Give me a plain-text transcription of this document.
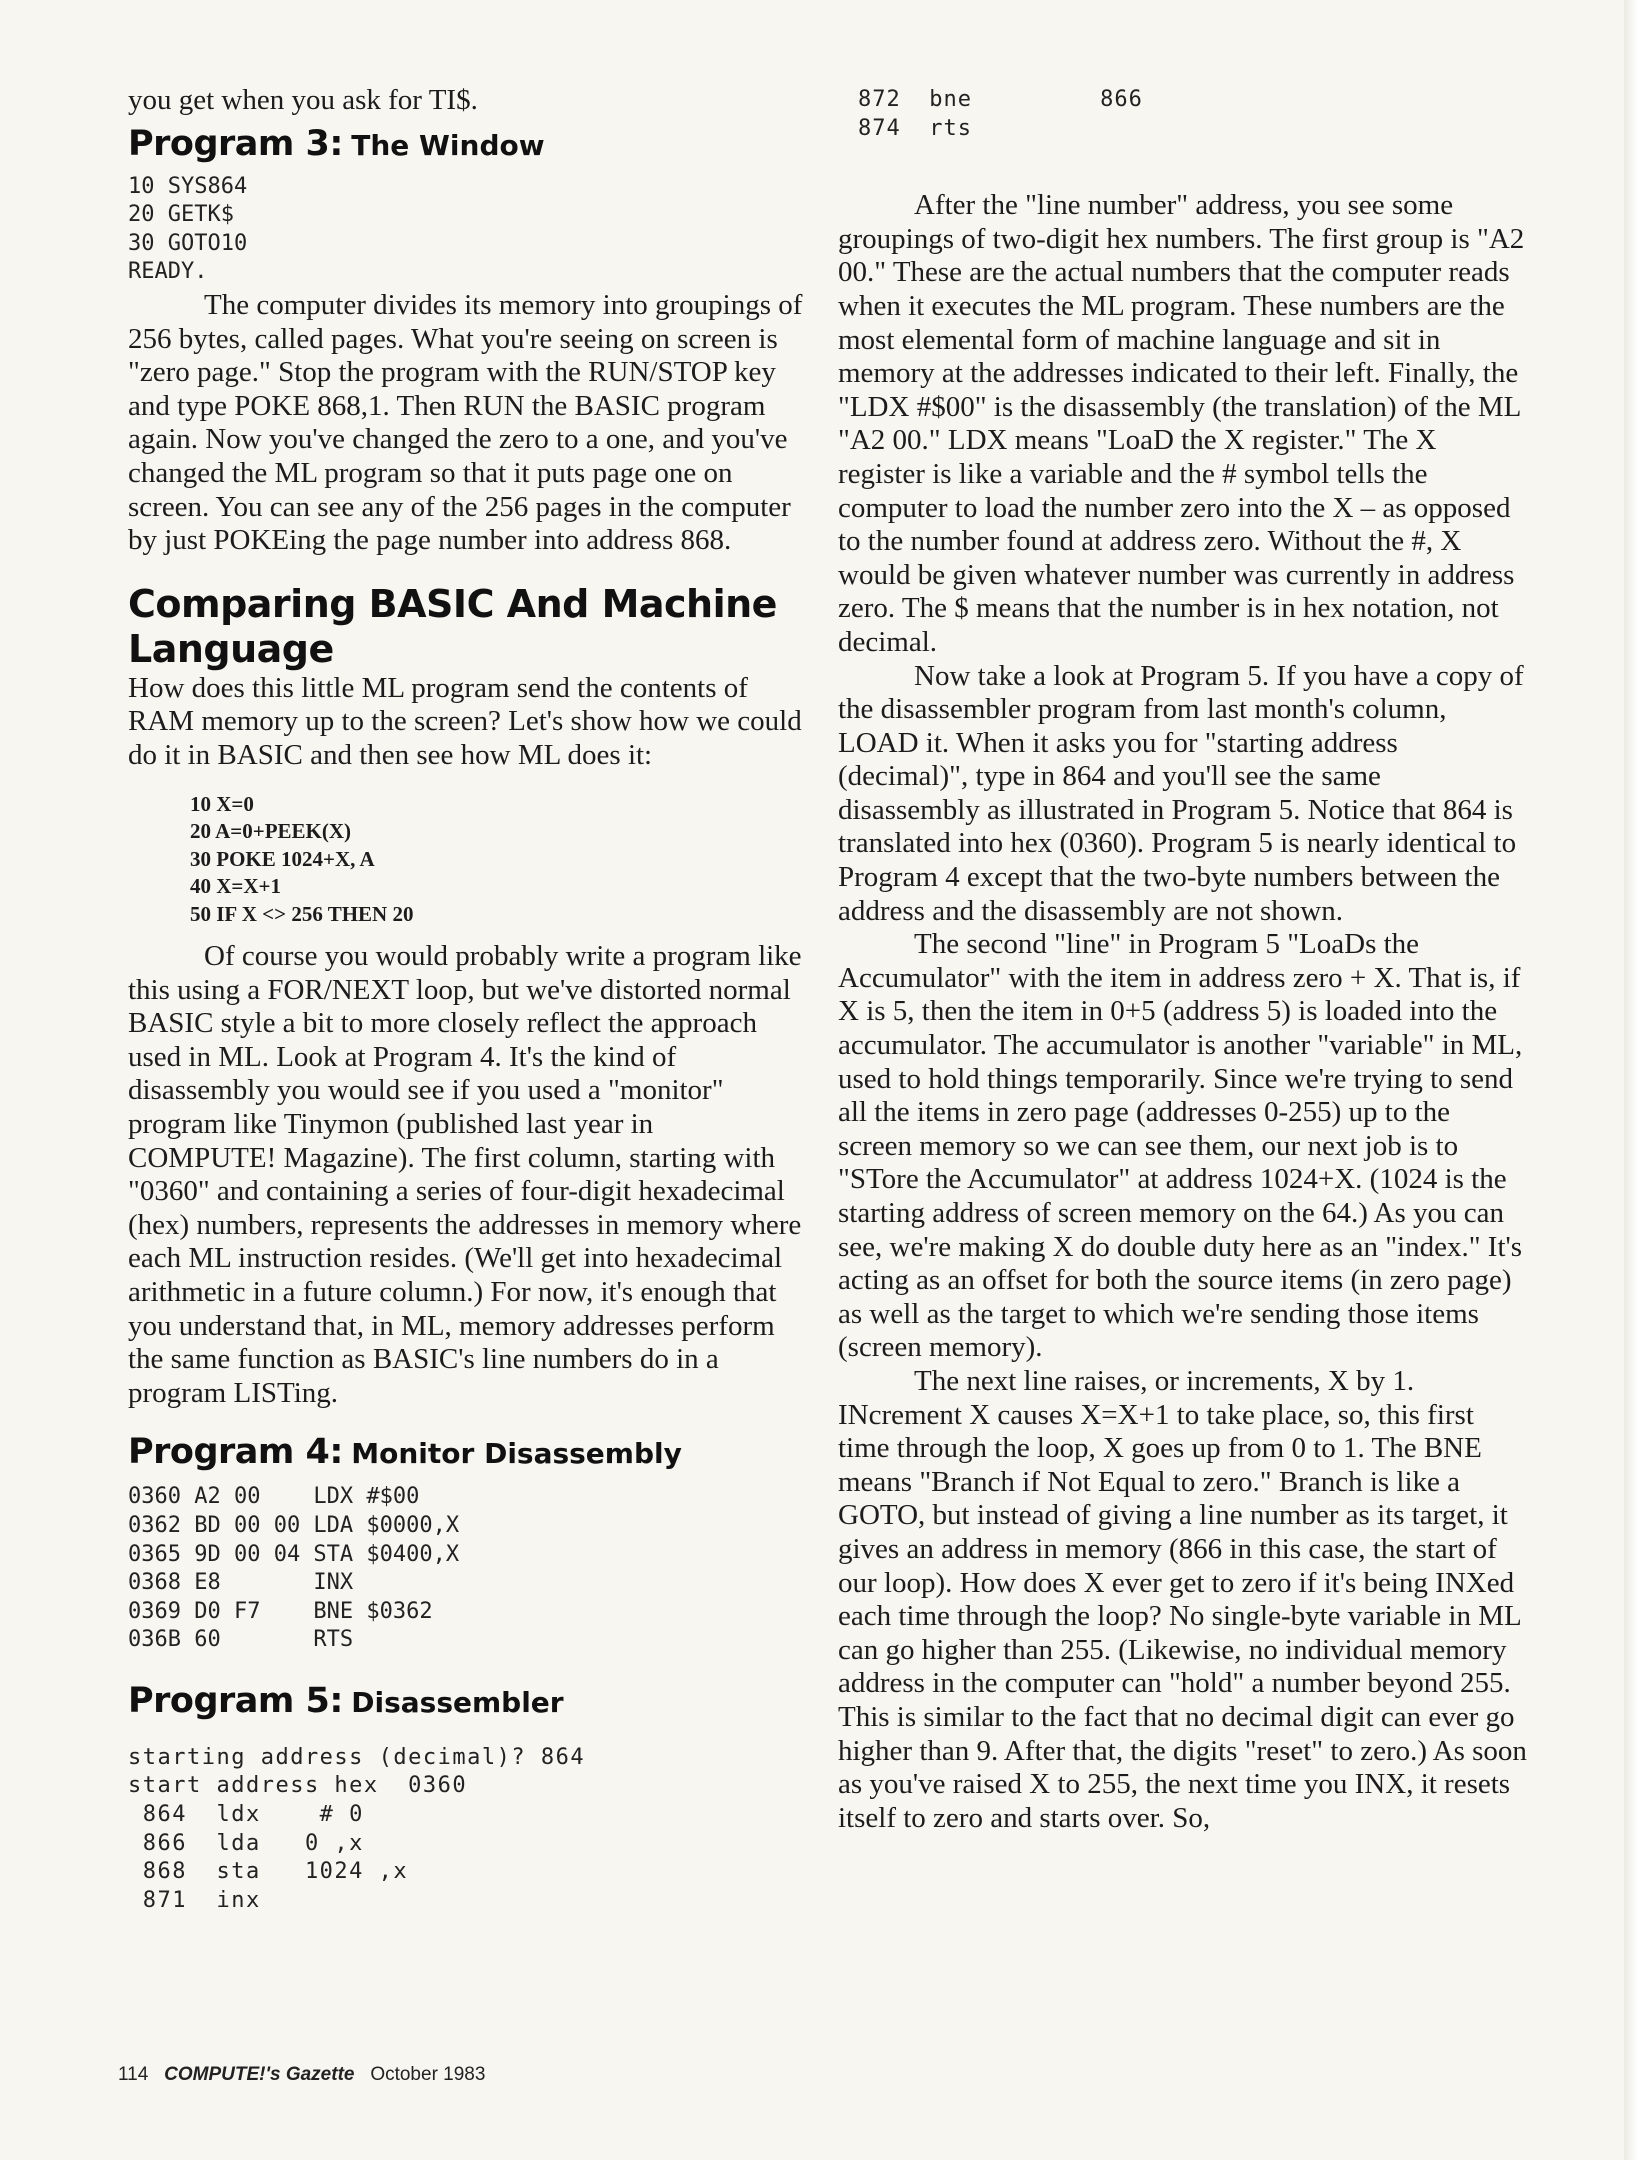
you get when you ask for TI$.

Program 3: The Window
10 SYS864
20 GETK$
30 GOTO10
READY.

The computer divides its memory into groupings of 256 bytes, called pages. What you're seeing on screen is "zero page." Stop the program with the RUN/STOP key and type POKE 868,1. Then RUN the BASIC program again. Now you've changed the zero to a one, and you've changed the ML program so that it puts page one on screen. You can see any of the 256 pages in the computer by just POKEing the page number into address 868.

Comparing BASIC And Machine Language

How does this little ML program send the contents of RAM memory up to the screen? Let's show how we could do it in BASIC and then see how ML does it:

10 X=0
20 A=0+PEEK(X)
30 POKE 1024+X, A
40 X=X+1
50 IF X <> 256 THEN 20

Of course you would probably write a program like this using a FOR/NEXT loop, but we've distorted normal BASIC style a bit to more closely reflect the approach used in ML. Look at Program 4. It's the kind of disassembly you would see if you used a "monitor" program like Tinymon (published last year in COMPUTE! Magazine). The first column, starting with "0360" and containing a series of four-digit hexadecimal (hex) numbers, represents the addresses in memory where each ML instruction resides. (We'll get into hexadecimal arithmetic in a future column.) For now, it's enough that you understand that, in ML, memory addresses perform the same function as BASIC's line numbers do in a program LISTing.

Program 4: Monitor Disassembly
0360 A2 00    LDX #$00
0362 BD 00 00 LDA $0000,X
0365 9D 00 04 STA $0400,X
0368 E8       INX
0369 D0 F7    BNE $0362
036B 60       RTS
Program 5: Disassembler
starting address (decimal)? 864
start address hex  0360
864  ldx    # 0
866  lda   0 ,x
868  sta   1024 ,x
871  inx
872  bne         866
874  rts

After the "line number" address, you see some groupings of two-digit hex numbers. The first group is "A2 00." These are the actual numbers that the computer reads when it executes the ML program. These numbers are the most elemental form of machine language and sit in memory at the addresses indicated to their left. Finally, the "LDX #$00" is the disassembly (the translation) of the ML "A2 00." LDX means "LoaD the X register." The X register is like a variable and the # symbol tells the computer to load the number zero into the X – as opposed to the number found at address zero. Without the #, X would be given whatever number was currently in address zero. The $ means that the number is in hex notation, not decimal.

Now take a look at Program 5. If you have a copy of the disassembler program from last month's column, LOAD it. When it asks you for "starting address (decimal)", type in 864 and you'll see the same disassembly as illustrated in Program 5. Notice that 864 is translated into hex (0360). Program 5 is nearly identical to Program 4 except that the two-byte numbers between the address and the disassembly are not shown.

The second "line" in Program 5 "LoaDs the Accumulator" with the item in address zero + X. That is, if X is 5, then the item in 0+5 (address 5) is loaded into the accumulator. The accumulator is another "variable" in ML, used to hold things temporarily. Since we're trying to send all the items in zero page (addresses 0-255) up to the screen memory so we can see them, our next job is to "STore the Accumulator" at address 1024+X. (1024 is the starting address of screen memory on the 64.) As you can see, we're making X do double duty here as an "index." It's acting as an offset for both the source items (in zero page) as well as the target to which we're sending those items (screen memory).

The next line raises, or increments, X by 1. INcrement X causes X=X+1 to take place, so, this first time through the loop, X goes up from 0 to 1. The BNE means "Branch if Not Equal to zero." Branch is like a GOTO, but instead of giving a line number as its target, it gives an address in memory (866 in this case, the start of our loop). How does X ever get to zero if it's being INXed each time through the loop? No single-byte variable in ML can go higher than 255. (Likewise, no individual memory address in the computer can "hold" a number beyond 255. This is similar to the fact that no decimal digit can ever go higher than 9. After that, the digits "reset" to zero.) As soon as you've raised X to 255, the next time you INX, it resets itself to zero and starts over. So,

114 COMPUTE!'s Gazette October 1983
